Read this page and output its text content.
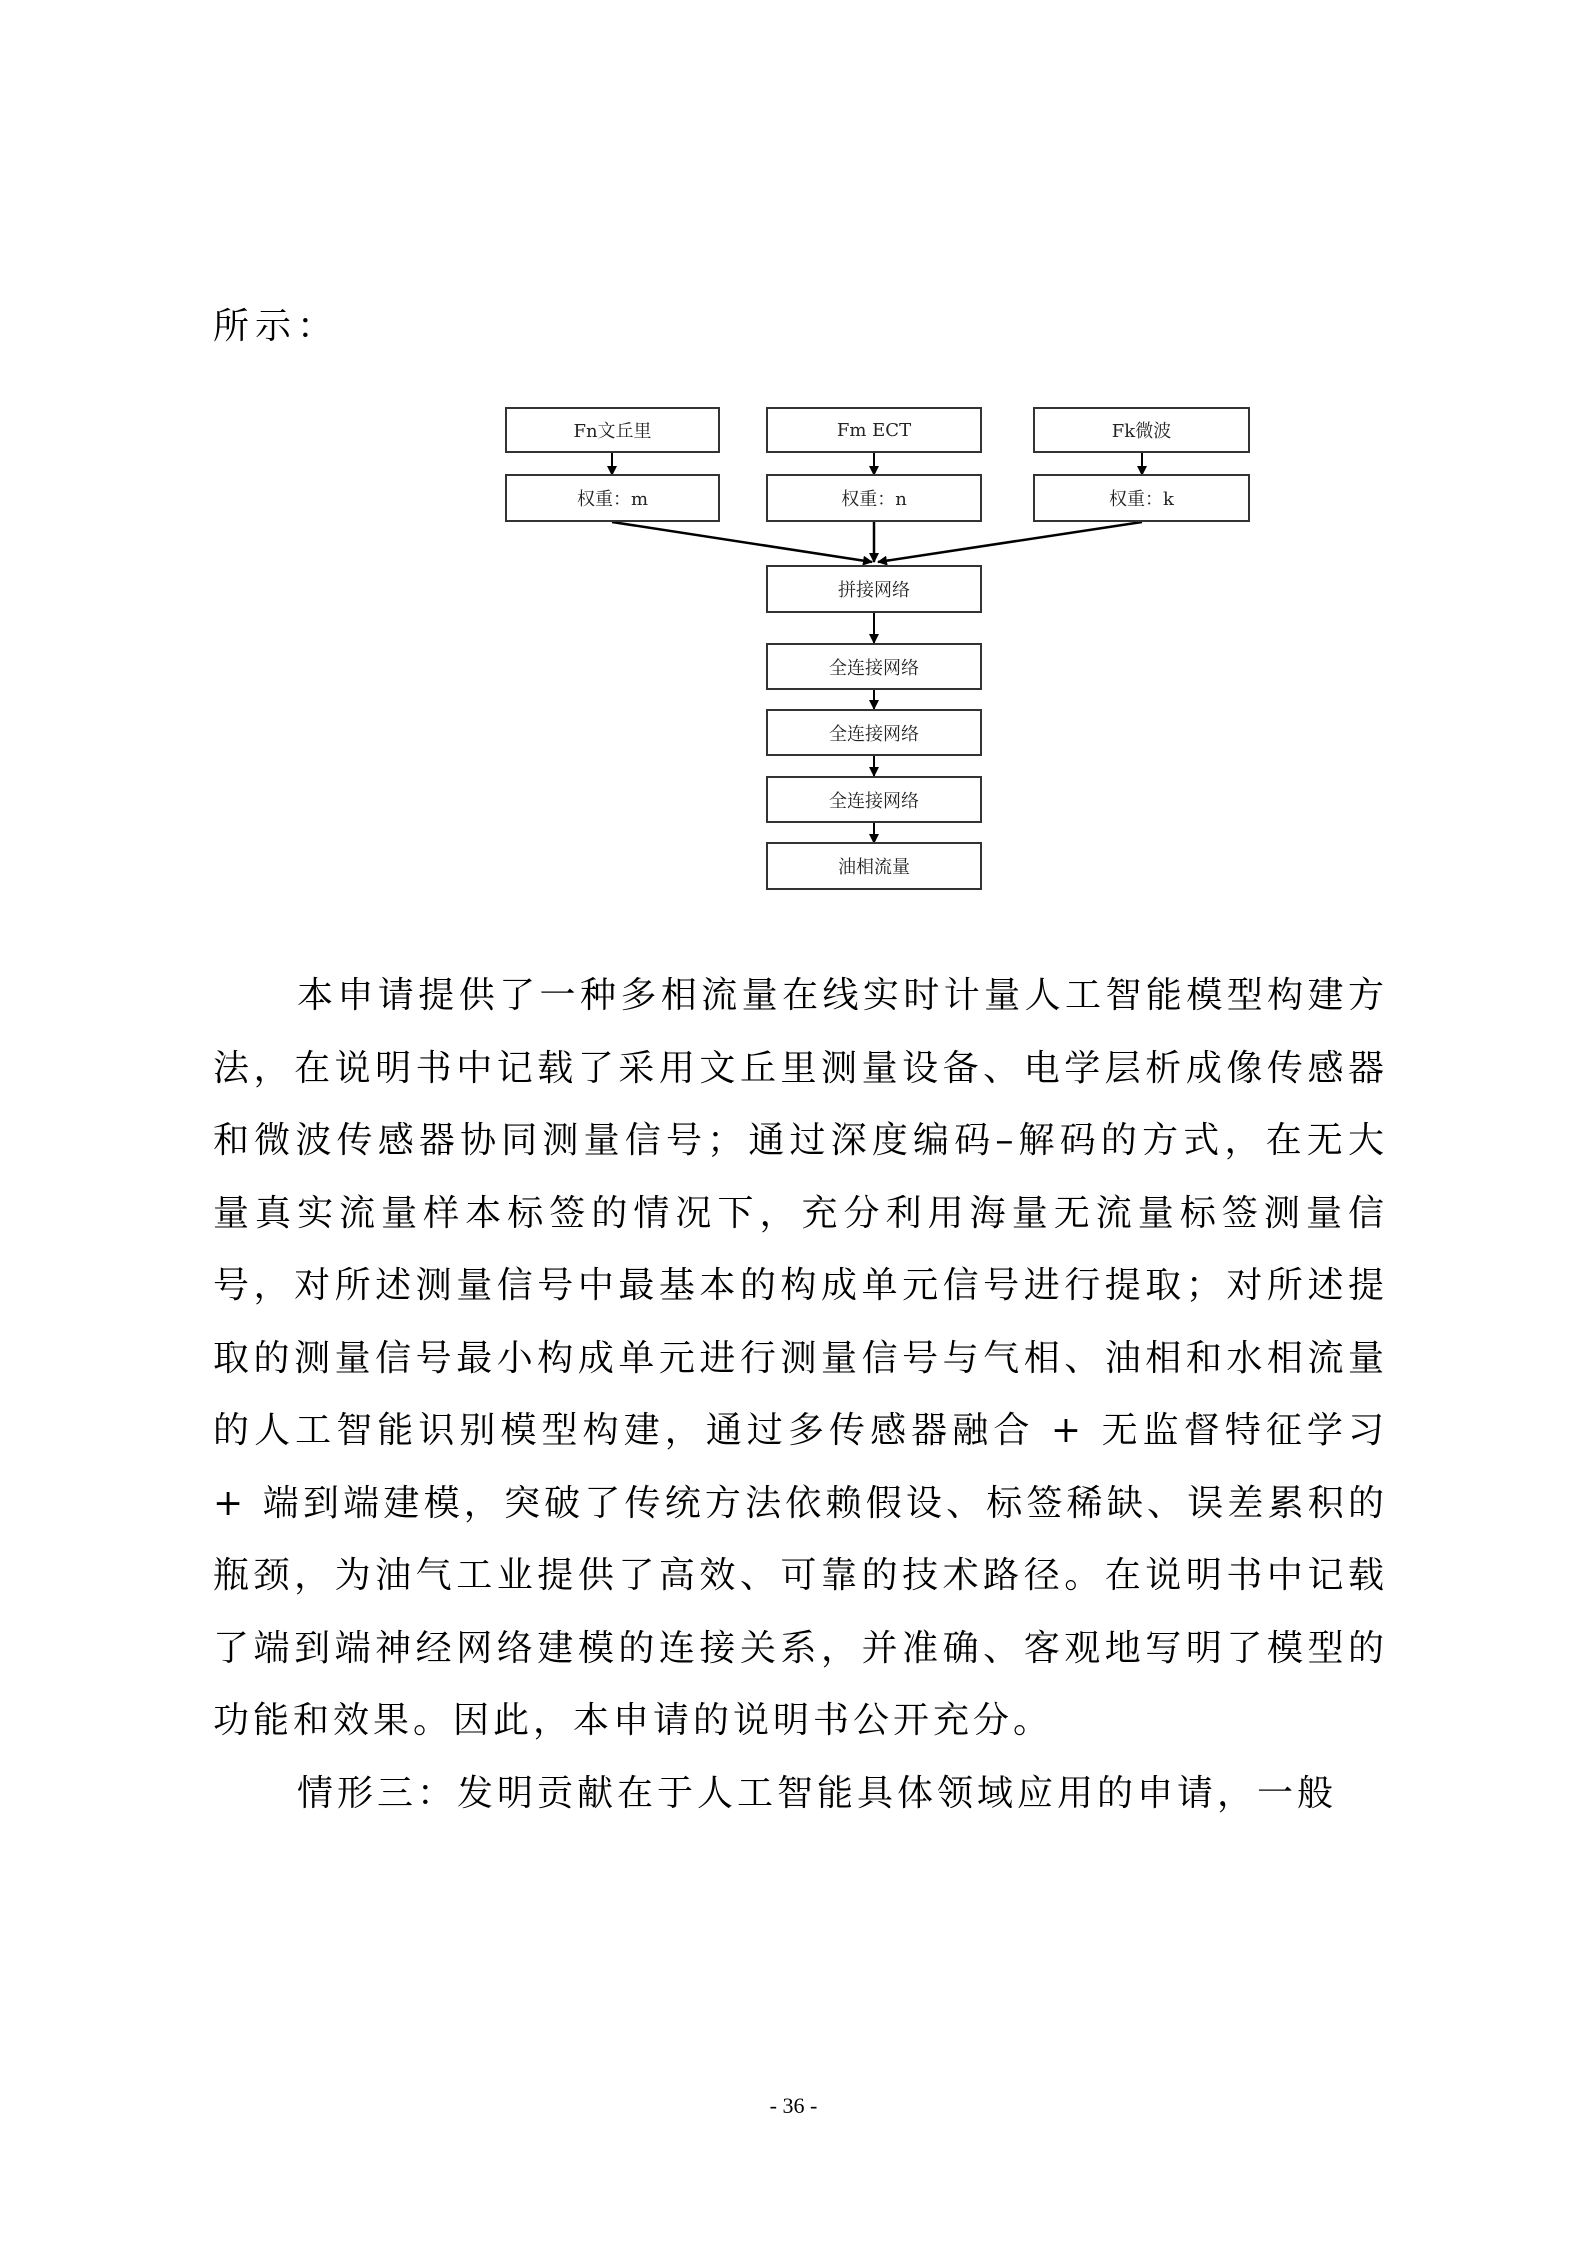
所示：

Fn文丘里	Fm ECT	Fk微波
权重：m	权重：n	权重：k
拼接网络
全连接网络
全连接网络
全连接网络
油相流量

本申请提供了一种多相流量在线实时计量人工智能模型构建方法，在说明书中记载了采用文丘里测量设备、电学层析成像传感器和微波传感器协同测量信号；通过深度编码–解码的方式，在无大量真实流量样本标签的情况下，充分利用海量无流量标签测量信号，对所述测量信号中最基本的构成单元信号进行提取；对所述提取的测量信号最小构成单元进行测量信号与气相、油相和水相流量的人工智能识别模型构建，通过多传感器融合 + 无监督特征学习 + 端到端建模，突破了传统方法依赖假设、标签稀缺、误差累积的瓶颈，为油气工业提供了高效、可靠的技术路径。在说明书中记载了端到端神经网络建模的连接关系，并准确、客观地写明了模型的功能和效果。因此，本申请的说明书公开充分。

情形三：发明贡献在于人工智能具体领域应用的申请，一般

- 36 -
